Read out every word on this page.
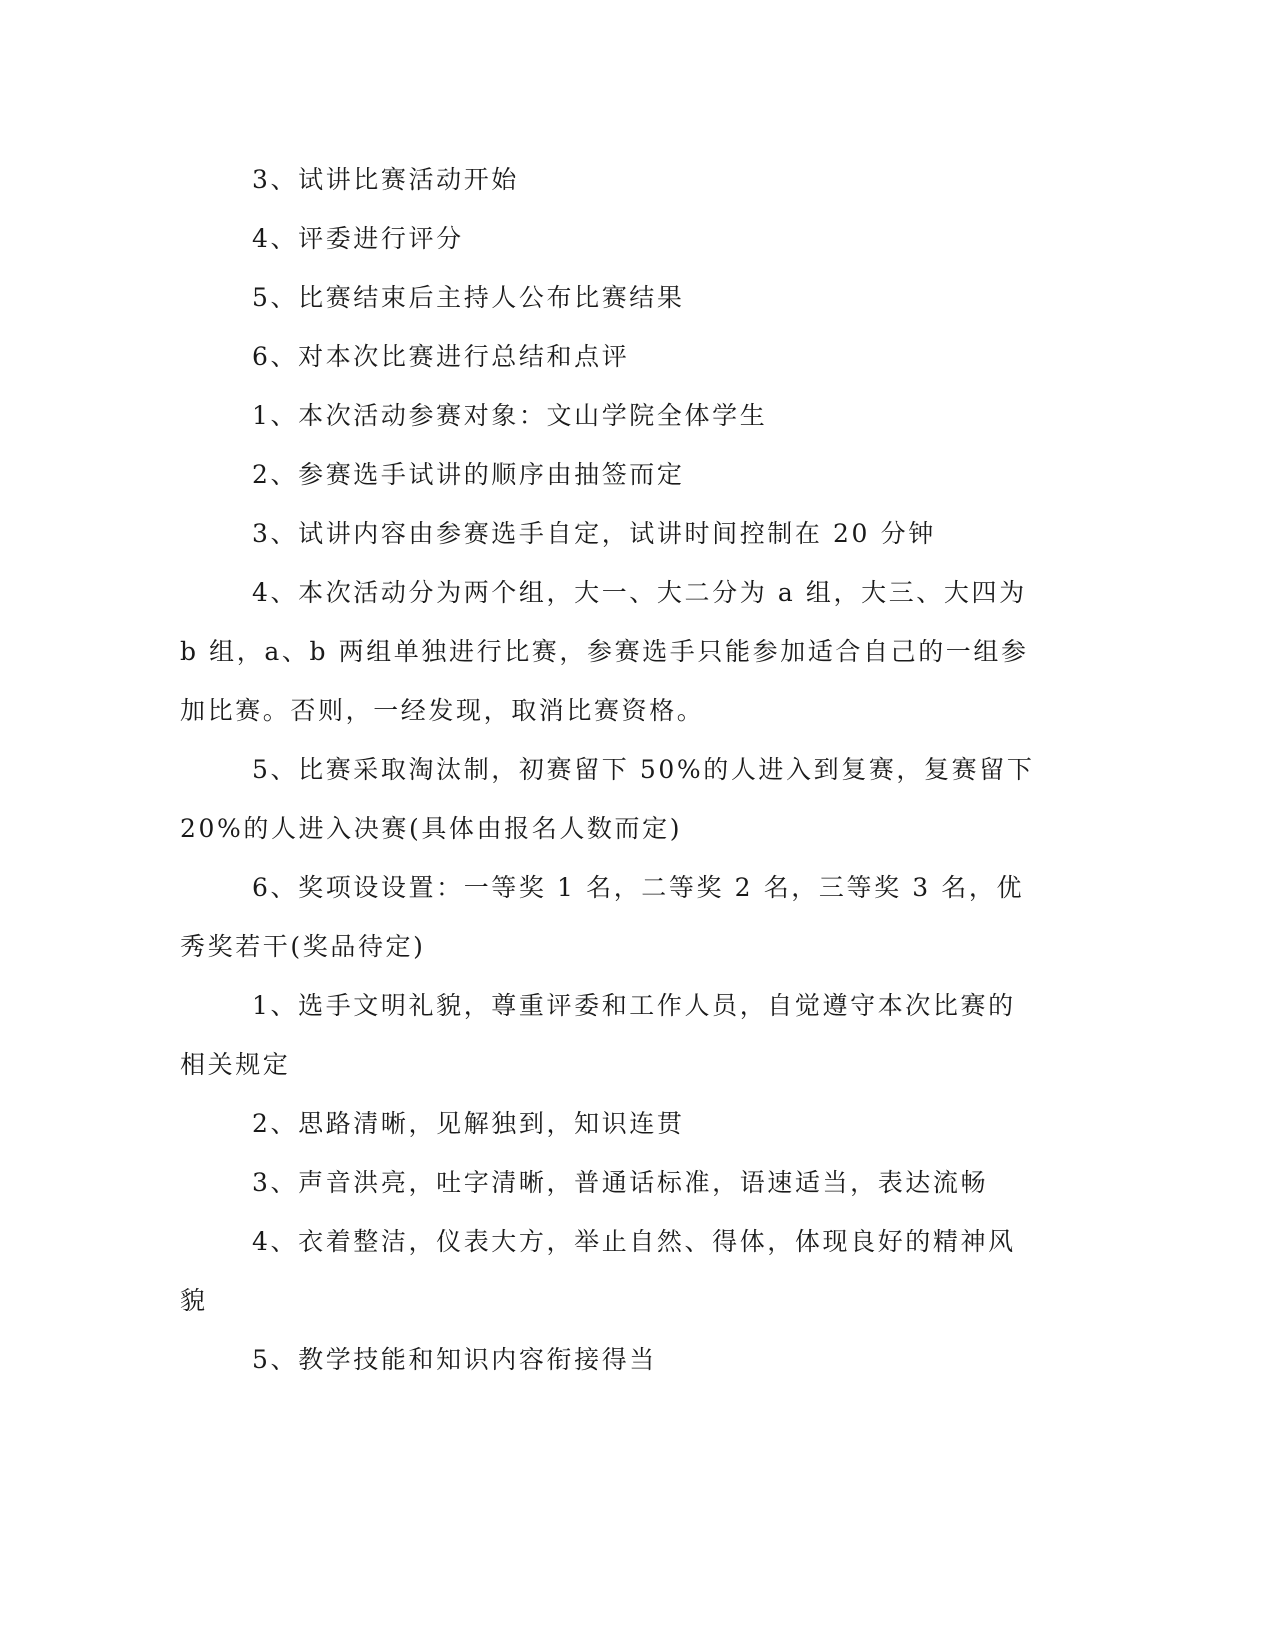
3、试讲比赛活动开始

4、评委进行评分

5、比赛结束后主持人公布比赛结果

6、对本次比赛进行总结和点评

1、本次活动参赛对象：文山学院全体学生

2、参赛选手试讲的顺序由抽签而定

3、试讲内容由参赛选手自定，试讲时间控制在 20 分钟

4、本次活动分为两个组，大一、大二分为 a 组，大三、大四为 b 组，a、b 两组单独进行比赛，参赛选手只能参加适合自己的一组参加比赛。否则，一经发现，取消比赛资格。

5、比赛采取淘汰制，初赛留下 50%的人进入到复赛，复赛留下 20%的人进入决赛(具体由报名人数而定)

6、奖项设设置：一等奖 1 名，二等奖 2 名，三等奖 3 名，优秀奖若干(奖品待定)

1、选手文明礼貌，尊重评委和工作人员，自觉遵守本次比赛的相关规定

2、思路清晰，见解独到，知识连贯

3、声音洪亮，吐字清晰，普通话标准，语速适当，表达流畅

4、衣着整洁，仪表大方，举止自然、得体，体现良好的精神风貌

5、教学技能和知识内容衔接得当
